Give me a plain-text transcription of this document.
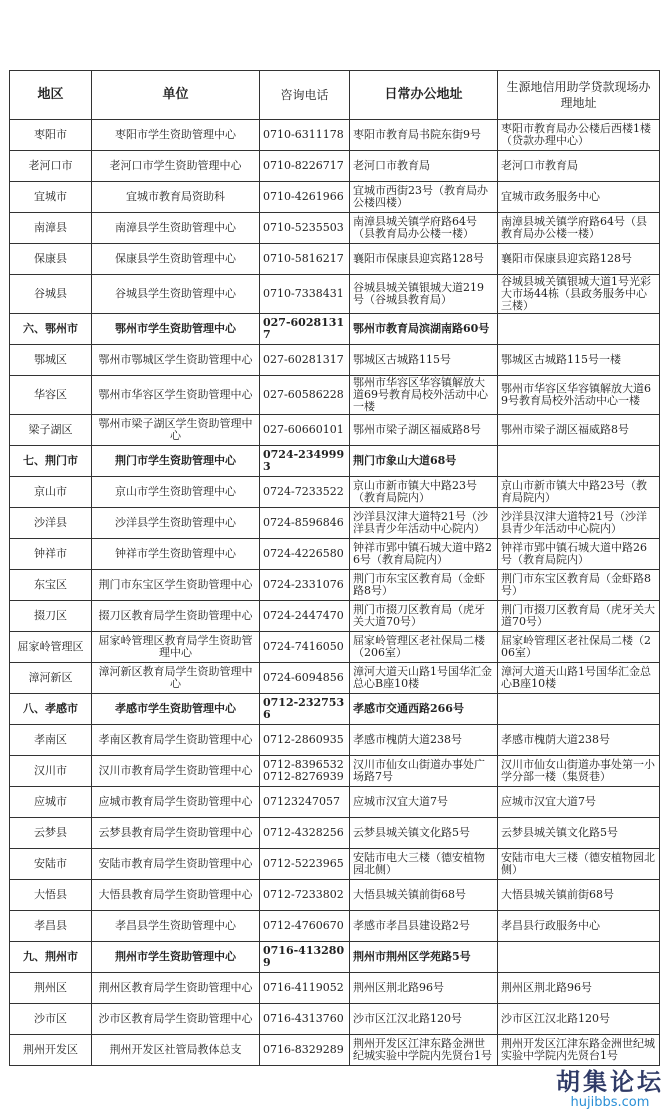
地区	单位	咨询电话	日常办公地址	生源地信用助学贷款现场办理地址
枣阳市	枣阳市学生资助管理中心	0710-6311178	枣阳市教育局书院东街9号	枣阳市教育局办公楼后西楼1楼（贷款办理中心）
老河口市	老河口市学生资助管理中心	0710-8226717	老河口市教育局	老河口市教育局
宜城市	宜城市教育局资助科	0710-4261966	宜城市西街23号（教育局办公楼四楼）	宜城市政务服务中心
南漳县	南漳县学生资助管理中心	0710-5235503	南漳县城关镇学府路64号（县教育局办公楼一楼）	南漳县城关镇学府路64号（县教育局办公楼一楼）
保康县	保康县学生资助管理中心	0710-5816217	襄阳市保康县迎宾路128号	襄阳市保康县迎宾路128号
谷城县	谷城县学生资助管理中心	0710-7338431	谷城县城关镇银城大道219号（谷城县教育局）	谷城县城关镇银城大道1号光彩大市场44栋（县政务服务中心三楼）
六、鄂州市	鄂州市学生资助管理中心	027-60281317	鄂州市教育局滨湖南路60号	
鄂城区	鄂州市鄂城区学生资助管理中心	027-60281317	鄂城区古城路115号	鄂城区古城路115号一楼
华容区	鄂州市华容区学生资助管理中心	027-60586228	鄂州市华容区华容镇解放大道69号教育局校外活动中心一楼	鄂州市华容区华容镇解放大道69号教育局校外活动中心一楼
梁子湖区	鄂州市梁子湖区学生资助管理中心	027-60660101	鄂州市梁子湖区福威路8号	鄂州市梁子湖区福威路8号
七、荆门市	荆门市学生资助管理中心	0724-2349993	荆门市象山大道68号	
京山市	京山市学生资助管理中心	0724-7233522	京山市新市镇大中路23号（教育局院内）	京山市新市镇大中路23号（教育局院内）
沙洋县	沙洋县学生资助管理中心	0724-8596846	沙洋县汉津大道特21号（沙洋县青少年活动中心院内）	沙洋县汉津大道特21号（沙洋县青少年活动中心院内）
钟祥市	钟祥市学生资助管理中心	0724-4226580	钟祥市郢中镇石城大道中路26号（教育局院内）	钟祥市郢中镇石城大道中路26号（教育局院内）
东宝区	荆门市东宝区学生资助管理中心	0724-2331076	荆门市东宝区教育局（金虾路8号）	荆门市东宝区教育局（金虾路8号）
掇刀区	掇刀区教育局学生资助管理中心	0724-2447470	荆门市掇刀区教育局（虎牙关大道70号）	荆门市掇刀区教育局（虎牙关大道70号）
屈家岭管理区	屈家岭管理区教育局学生资助管理中心	0724-7416050	屈家岭管理区老社保局二楼（206室）	屈家岭管理区老社保局二楼（206室）
漳河新区	漳河新区教育局学生资助管理中心	0724-6094856	漳河大道天山路1号国华汇金总心B座10楼	漳河大道天山路1号国华汇金总心B座10楼
八、孝感市	孝感市学生资助管理中心	0712-2327536	孝感市交通西路266号	
孝南区	孝南区教育局学生资助管理中心	0712-2860935	孝感市槐荫大道238号	孝感市槐荫大道238号
汉川市	汉川市教育局学生资助管理中心	0712-8396532 0712-8276939	汉川市仙女山街道办事处广场路7号	汉川市仙女山街道办事处第一小学分部一楼（集贤巷）
应城市	应城市教育局学生资助管理中心	07123247057	应城市汉宜大道7号	应城市汉宜大道7号
云梦县	云梦县教育局学生资助管理中心	0712-4328256	云梦县城关镇文化路5号	云梦县城关镇文化路5号
安陆市	安陆市教育局学生资助管理中心	0712-5223965	安陆市电大三楼（德安植物园北侧）	安陆市电大三楼（德安植物园北侧）
大悟县	大悟县教育局学生资助管理中心	0712-7233802	大悟县城关镇前街68号	大悟县城关镇前街68号
孝昌县	孝昌县学生资助管理中心	0712-4760670	孝感市孝昌县建设路2号	孝昌县行政服务中心
九、荆州市	荆州市学生资助管理中心	0716-4132809	荆州市荆州区学苑路5号	
荆州区	荆州区教育局学生资助管理中心	0716-4119052	荆州区荆北路96号	荆州区荆北路96号
沙市区	沙市区教育局学生资助管理中心	0716-4313760	沙市区江汉北路120号	沙市区江汉北路120号
荆州开发区	荆州开发区社管局教体总支	0716-8329289	荆州开发区江津东路金洲世纪城实验中学院内先贤台1号	荆州开发区江津东路金洲世纪城实验中学院内先贤台1号
胡集论坛
hujibbs.com
